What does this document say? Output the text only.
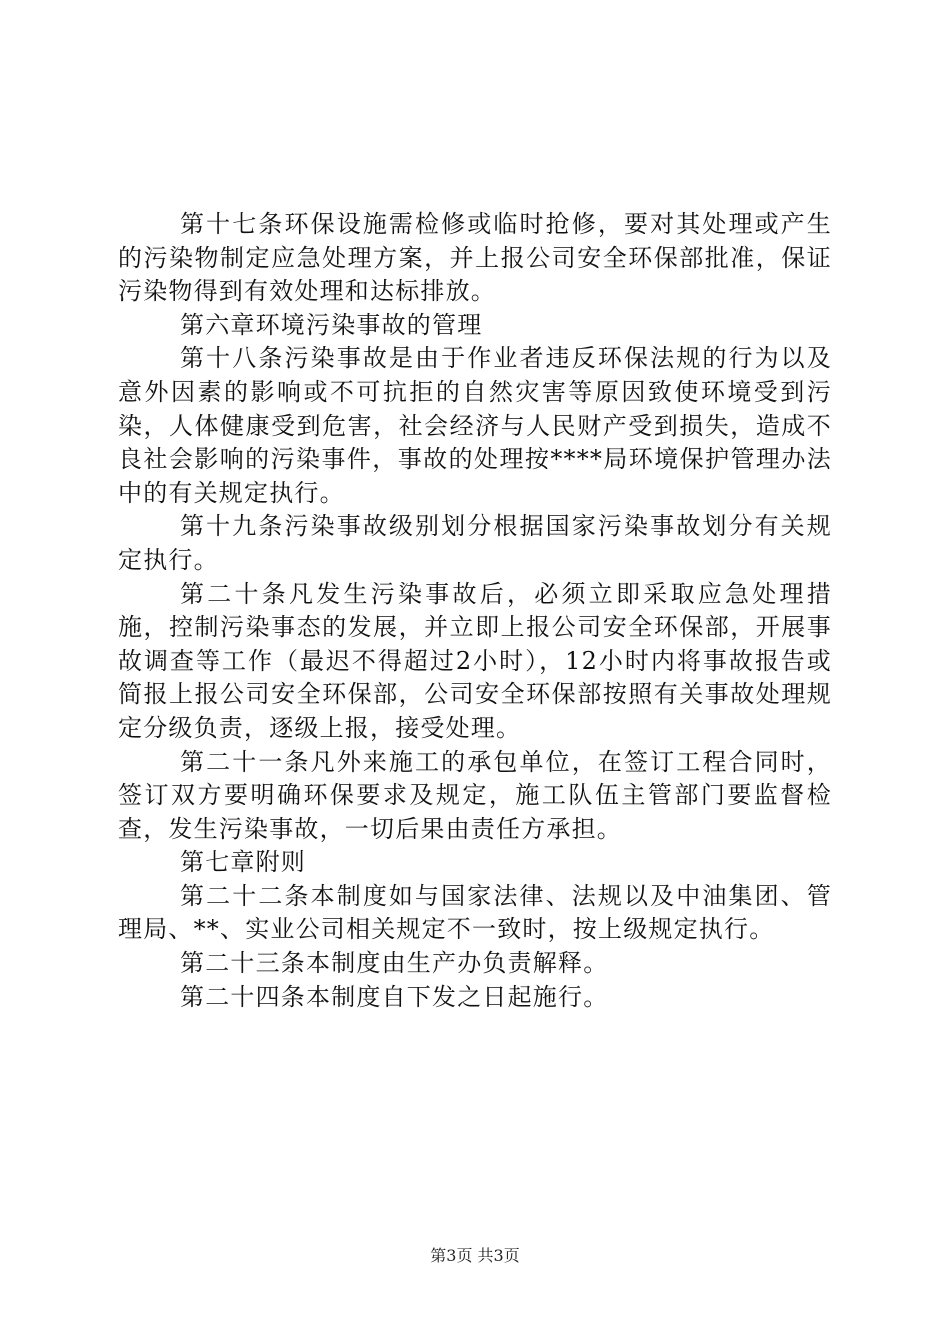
第十七条环保设施需检修或临时抢修，要对其处理或产生的污染物制定应急处理方案，并上报公司安全环保部批准，保证污染物得到有效处理和达标排放。

第六章环境污染事故的管理

第十八条污染事故是由于作业者违反环保法规的行为以及意外因素的影响或不可抗拒的自然灾害等原因致使环境受到污染，人体健康受到危害，社会经济与人民财产受到损失，造成不良社会影响的污染事件，事故的处理按****局环境保护管理办法中的有关规定执行。

第十九条污染事故级别划分根据国家污染事故划分有关规定执行。

第二十条凡发生污染事故后，必须立即采取应急处理措施，控制污染事态的发展，并立即上报公司安全环保部，开展事故调查等工作（最迟不得超过2小时），12小时内将事故报告或简报上报公司安全环保部，公司安全环保部按照有关事故处理规定分级负责，逐级上报，接受处理。

第二十一条凡外来施工的承包单位，在签订工程合同时，签订双方要明确环保要求及规定，施工队伍主管部门要监督检查，发生污染事故，一切后果由责任方承担。

第七章附则

第二十二条本制度如与国家法律、法规以及中油集团、管理局、**、实业公司相关规定不一致时，按上级规定执行。

第二十三条本制度由生产办负责解释。

第二十四条本制度自下发之日起施行。

第3页 共3页
